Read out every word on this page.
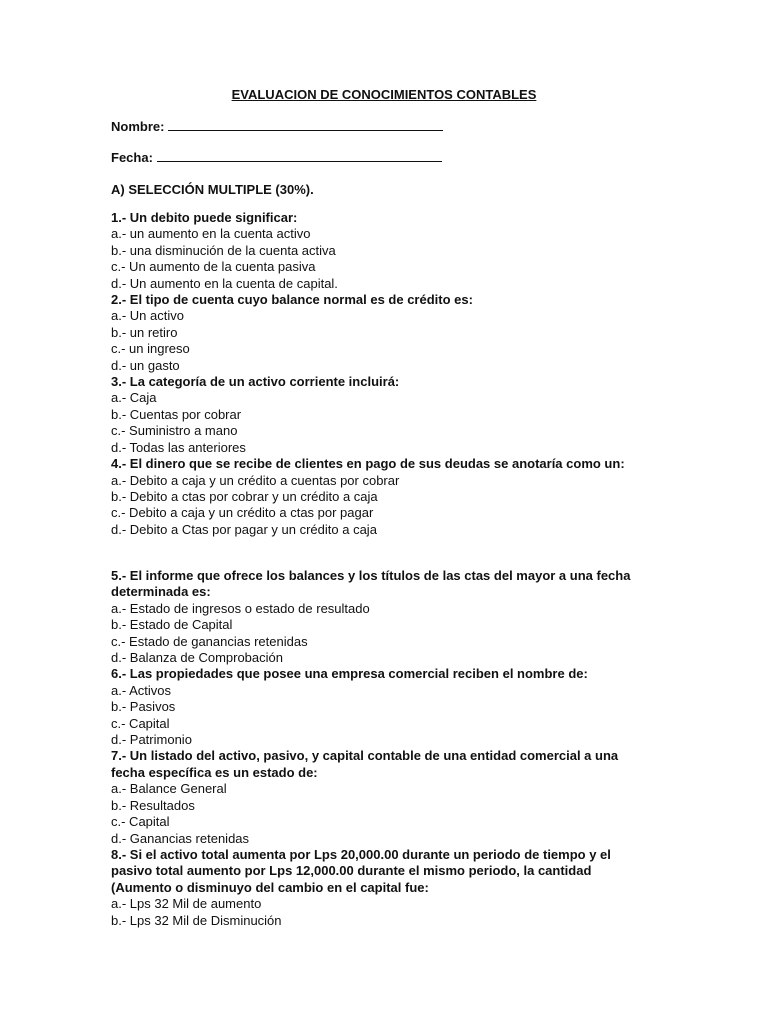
EVALUACION DE CONOCIMIENTOS CONTABLES
Nombre:
Fecha:
A) SELECCIÓN MULTIPLE (30%).
1.- Un debito puede significar:
a.- un aumento en la cuenta activo
b.- una disminución de la cuenta activa
c.- Un aumento de la cuenta pasiva
d.- Un aumento en la cuenta de capital.
2.- El tipo de cuenta cuyo balance normal es de crédito es:
a.- Un activo
b.- un retiro
c.- un ingreso
d.- un gasto
3.- La categoría de un activo corriente incluirá:
a.- Caja
b.- Cuentas por cobrar
c.- Suministro a mano
d.- Todas las anteriores
4.- El dinero que se recibe de clientes en pago de sus deudas se anotaría como un:
a.- Debito a caja y un crédito a cuentas por cobrar
b.- Debito a ctas por cobrar y un crédito a caja
c.- Debito a caja y un crédito a ctas por pagar
d.- Debito a Ctas por pagar y un crédito a caja
5.- El informe que ofrece los balances y los títulos de las ctas del mayor a una fecha determinada es:
a.- Estado de ingresos o estado de resultado
b.- Estado de Capital
c.- Estado de ganancias retenidas
d.- Balanza de Comprobación
6.- Las propiedades que posee una empresa comercial reciben el nombre de:
a.- Activos
b.- Pasivos
c.- Capital
d.- Patrimonio
7.- Un listado del activo, pasivo, y capital contable de una entidad comercial a una fecha específica es un estado de:
a.- Balance General
b.- Resultados
c.- Capital
d.- Ganancias retenidas
8.- Si el activo total aumenta por Lps 20,000.00 durante un periodo de tiempo y el pasivo total aumento por Lps 12,000.00 durante el mismo periodo, la cantidad (Aumento o disminuyo del cambio en el capital fue:
a.- Lps 32 Mil de aumento
b.- Lps 32 Mil de Disminución
